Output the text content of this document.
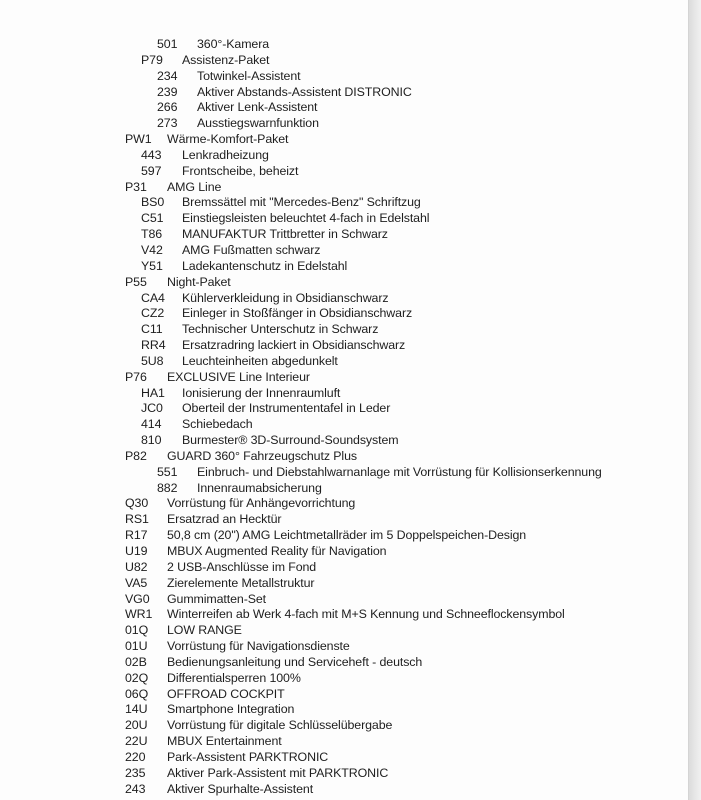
501 360°-Kamera
P79 Assistenz-Paket
234 Totwinkel-Assistent
239 Aktiver Abstands-Assistent DISTRONIC
266 Aktiver Lenk-Assistent
273 Ausstiegswarnfunktion
PW1 Wärme-Komfort-Paket
443 Lenkradheizung
597 Frontscheibe, beheizt
P31 AMG Line
BS0 Bremssättel mit "Mercedes-Benz" Schriftzug
C51 Einstiegsleisten beleuchtet 4-fach in Edelstahl
T86 MANUFAKTUR Trittbretter in Schwarz
V42 AMG Fußmatten schwarz
Y51 Ladekantenschutz in Edelstahl
P55 Night-Paket
CA4 Kühlerverkleidung in Obsidianschwarz
CZ2 Einleger in Stoßfänger in Obsidianschwarz
C11 Technischer Unterschutz in Schwarz
RR4 Ersatzradring lackiert in Obsidianschwarz
5U8 Leuchteinheiten abgedunkelt
P76 EXCLUSIVE Line Interieur
HA1 Ionisierung der Innenraumluft
JC0 Oberteil der Instrumententafel in Leder
414 Schiebedach
810 Burmester® 3D-Surround-Soundsystem
P82 GUARD 360° Fahrzeugschutz Plus
551 Einbruch- und Diebstahlwarnanlage mit Vorrüstung für Kollisionserkennung
882 Innenraumabsicherung
Q30 Vorrüstung für Anhängevorrichtung
RS1 Ersatzrad an Hecktür
R17 50,8 cm (20") AMG Leichtmetallräder im 5 Doppelspeichen-Design
U19 MBUX Augmented Reality für Navigation
U82 2 USB-Anschlüsse im Fond
VA5 Zierelemente Metallstruktur
VG0 Gummimatten-Set
WR1 Winterreifen ab Werk 4-fach mit M+S Kennung und Schneeflockensymbol
01Q LOW RANGE
01U Vorrüstung für Navigationsdienste
02B Bedienungsanleitung und Serviceheft - deutsch
02Q Differentialsperren 100%
06Q OFFROAD COCKPIT
14U Smartphone Integration
20U Vorrüstung für digitale Schlüsselübergabe
22U MBUX Entertainment
220 Park-Assistent PARKTRONIC
235 Aktiver Park-Assistent mit PARKTRONIC
243 Aktiver Spurhalte-Assistent
